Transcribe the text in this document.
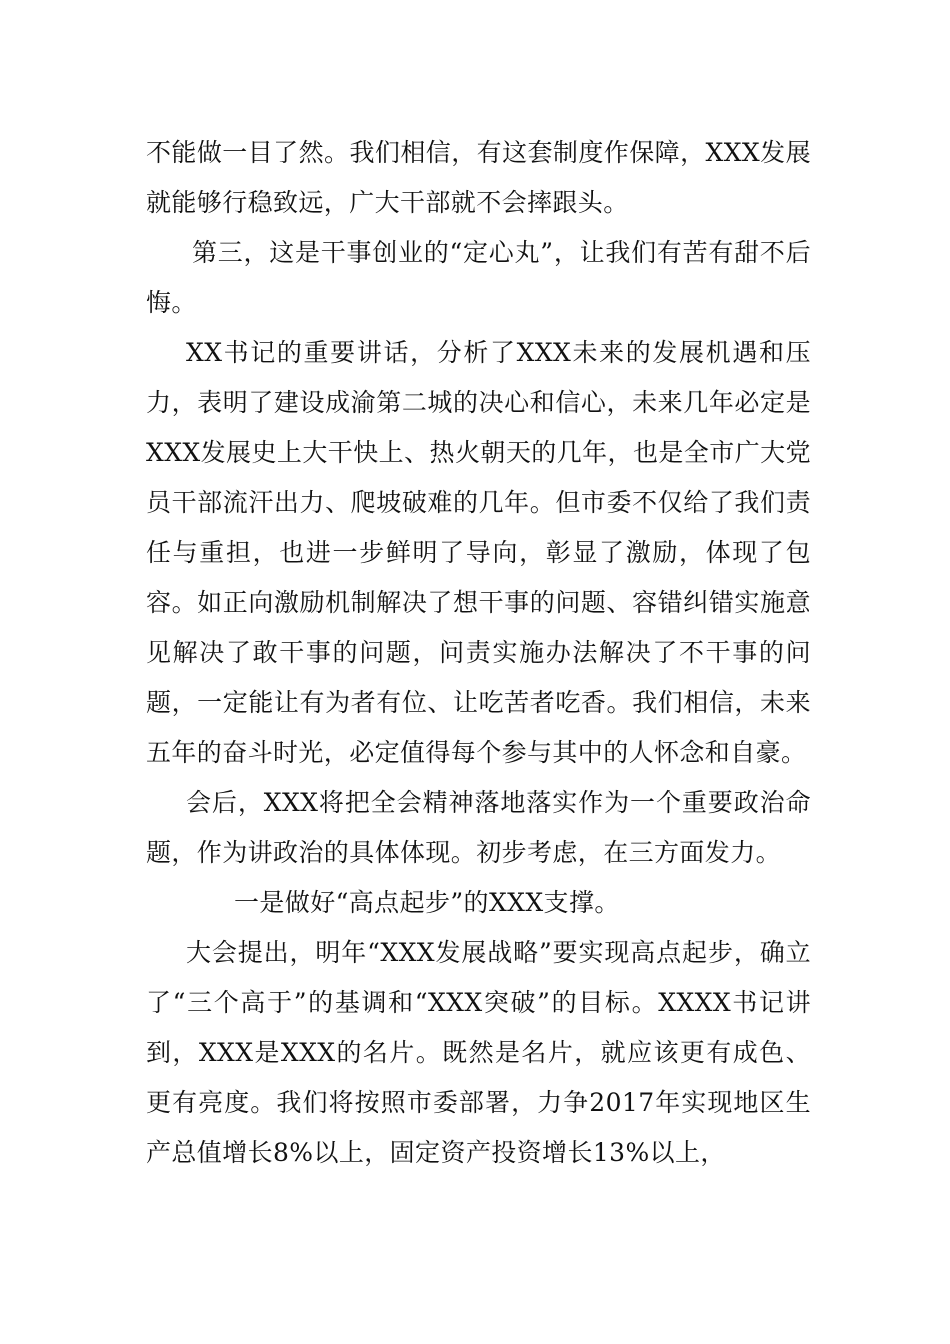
不能做一目了然。我们相信，有这套制度作保障，XXX发展就能够行稳致远，广大干部就不会摔跟头。

第三，这是干事创业的“定心丸”，让我们有苦有甜不后悔。

XX书记的重要讲话，分析了XXX未来的发展机遇和压力，表明了建设成渝第二城的决心和信心，未来几年必定是XXX发展史上大干快上、热火朝天的几年，也是全市广大党员干部流汗出力、爬坡破难的几年。但市委不仅给了我们责任与重担，也进一步鲜明了导向，彰显了激励，体现了包容。如正向激励机制解决了想干事的问题、容错纠错实施意见解决了敢干事的问题，问责实施办法解决了不干事的问题，一定能让有为者有位、让吃苦者吃香。我们相信，未来五年的奋斗时光，必定值得每个参与其中的人怀念和自豪。

会后，XXX将把全会精神落地落实作为一个重要政治命题，作为讲政治的具体体现。初步考虑，在三方面发力。

一是做好“高点起步”的XXX支撑。

大会提出，明年“XXX发展战略”要实现高点起步，确立了“三个高于”的基调和“XXX突破”的目标。XXXX书记讲到，XXX是XXX的名片。既然是名片，就应该更有成色、更有亮度。我们将按照市委部署，力争2017年实现地区生产总值增长8%以上，固定资产投资增长13%以上，
